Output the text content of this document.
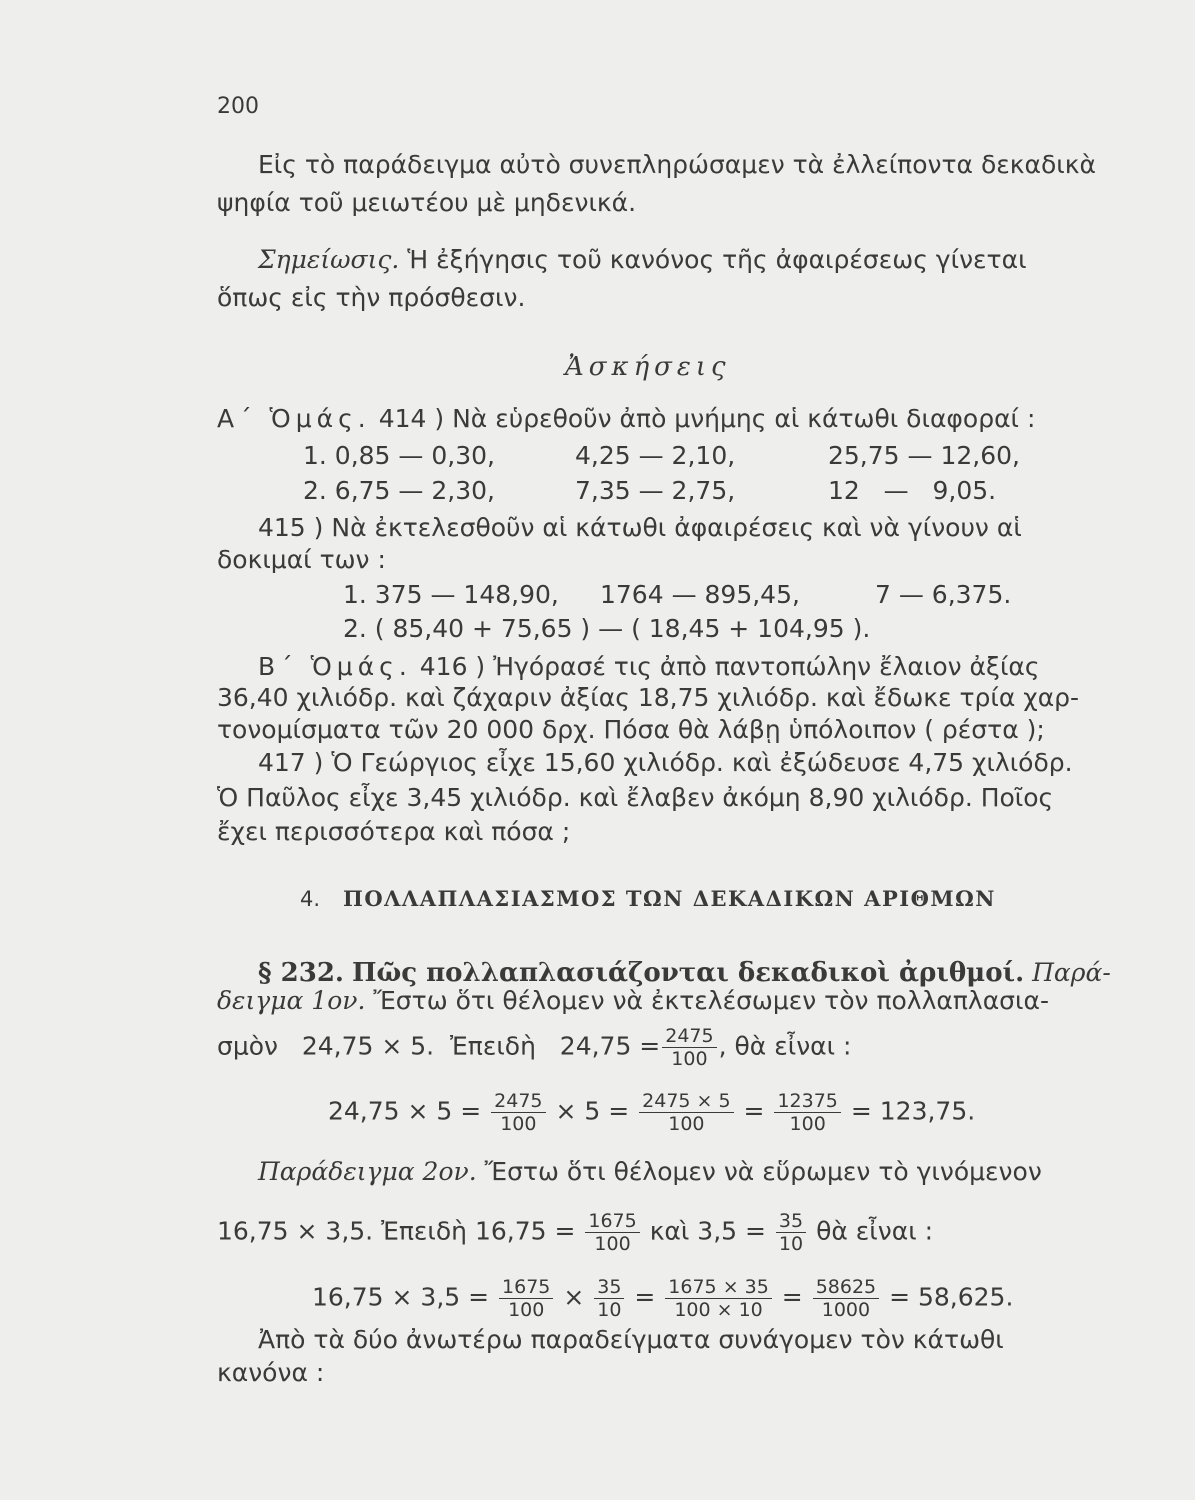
200
Εἰς τὸ παράδειγμα αὐτὸ συνεπληρώσαμεν τὰ ἐλλείποντα δεκαδικὰ
ψηφία τοῦ μειωτέου μὲ μηδενικά.
Σημείωσις. Ἡ ἐξήγησις τοῦ κανόνος τῆς ἀφαιρέσεως γίνεται
ὅπως εἰς τὴν πρόσθεσιν.
Ἀσκήσεις
Α΄ Ὁμάς. 414 ) Νὰ εὑρεθοῦν ἀπὸ μνήμης αἱ κάτωθι διαφοραί :
1. 0,85 — 0,30,	4,25 — 2,10,	25,75 — 12,60,
2. 6,75 — 2,30,	7,35 — 2,75,	12   —   9,05.
415 ) Νὰ ἐκτελεσθοῦν αἱ κάτωθι ἀφαιρέσεις καὶ νὰ γίνουν αἱ
δοκιμαί των :
1. 375 — 148,90, 1764 — 895,45,	7 — 6,375.
2. ( 85,40 + 75,65 ) — ( 18,45 + 104,95 ).
Β΄ Ὁμάς. 416 ) Ἠγόρασέ τις ἀπὸ παντοπώλην ἔλαιον ἀξίας
36,40 χιλιόδρ. καὶ ζάχαριν ἀξίας 18,75 χιλιόδρ. καὶ ἔδωκε τρία χαρ-
τονομίσματα τῶν 20 000 δρχ. Πόσα θὰ λάβῃ ὑπόλοιπον ( ρέστα );
417 ) Ὁ Γεώργιος εἶχε 15,60 χιλιόδρ. καὶ ἐξώδευσε 4,75 χιλιόδρ.
Ὁ Παῦλος εἶχε 3,45 χιλιόδρ. καὶ ἔλαβεν ἀκόμη 8,90 χιλιόδρ. Ποῖος
ἔχει περισσότερα καὶ πόσα ;
4. ΠΟΛΛΑΠΛΑΣΙΑΣΜΟΣ ΤΩΝ ΔΕΚΑΔΙΚΩΝ ΑΡΙΘΜΩΝ
§ 232. Πῶς πολλαπλασιάζονται δεκαδικοὶ ἀριθμοί. Παρά-
δειγμα 1ον. Ἔστω ὅτι θέλομεν νὰ ἐκτελέσωμεν τὸν πολλαπλασια-
σμὸν   24,75 × 5.  Ἐπειδὴ   $24,75 = \frac{2475}{100}$ , θὰ εἶναι :
$24,75 \times 5 = \frac{2475}{100} \times 5 = \frac{2475 \times 5}{100} = \frac{12375}{100} = 123,75$.
Παράδειγμα 2ον. Ἔστω ὅτι θέλομεν νὰ εὕρωμεν τὸ γινόμενον
16,75 × 3,5. Ἐπειδὴ $16,75 = \frac{1675}{100}$ καὶ $3,5 = \frac{35}{10}$ θὰ εἶναι :
$16,75 \times 3,5 = \frac{1675}{100} \times \frac{35}{10} = \frac{1675 \times 35}{100 \times 10} = \frac{58625}{1000} = 58,625$.
Ἀπὸ τὰ δύο ἀνωτέρω παραδείγματα συνάγομεν τὸν κάτωθι
κανόνα :
